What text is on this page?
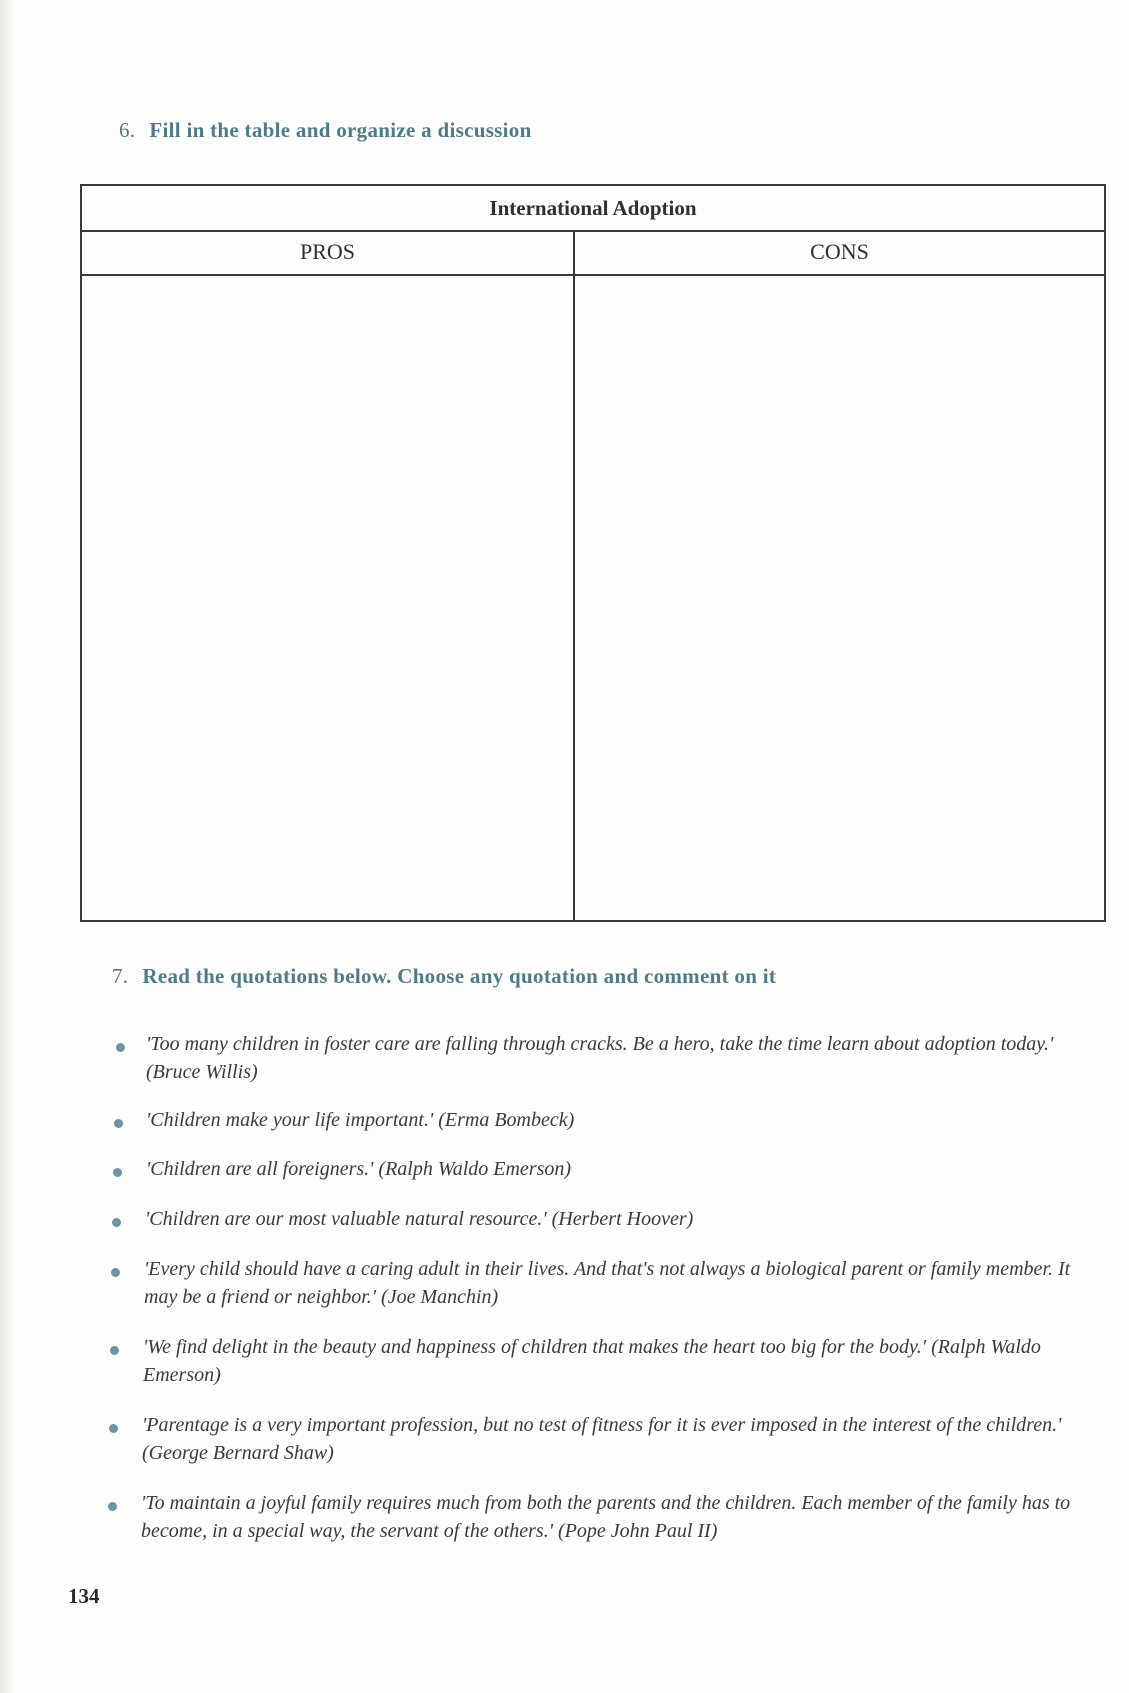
6. Fill in the table and organize a discussion
International Adoption
PROS	CONS
7. Read the quotations below. Choose any quotation and comment on it
'Too many children in foster care are falling through cracks. Be a hero, take the time learn about adoption today.' (Bruce Willis)
'Children make your life important.' (Erma Bombeck)
'Children are all foreigners.' (Ralph Waldo Emerson)
'Children are our most valuable natural resource.' (Herbert Hoover)
'Every child should have a caring adult in their lives. And that's not always a biological parent or family member. It may be a friend or neighbor.' (Joe Manchin)
'We find delight in the beauty and happiness of children that makes the heart too big for the body.' (Ralph Waldo Emerson)
'Parentage is a very important profession, but no test of fitness for it is ever imposed in the interest of the children.' (George Bernard Shaw)
'To maintain a joyful family requires much from both the parents and the children. Each member of the family has to become, in a special way, the servant of the others.' (Pope John Paul II)
134
